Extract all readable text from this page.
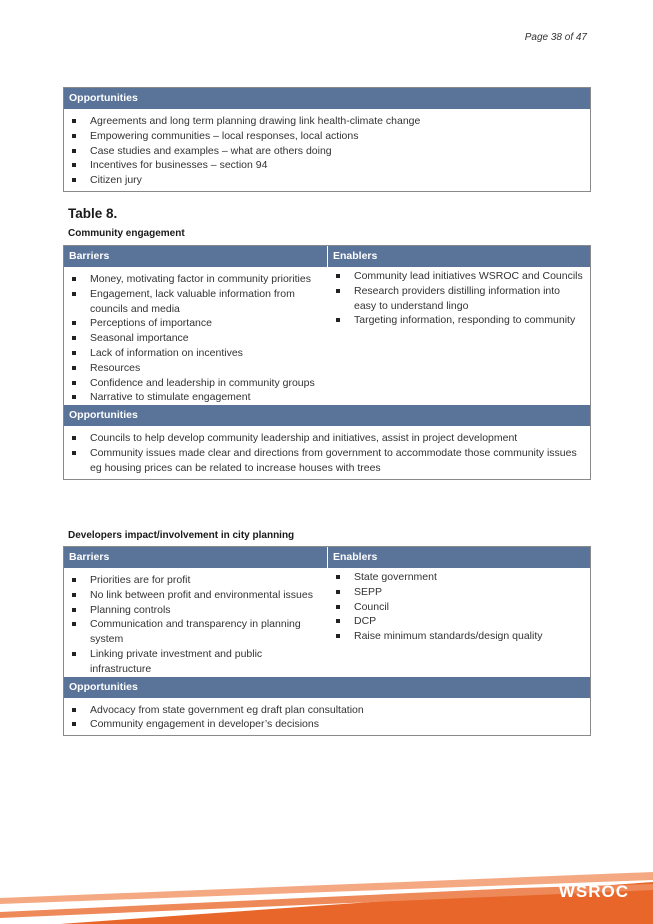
Page 38 of 47
Opportunities
Agreements and long term planning drawing link health-climate change
Empowering communities – local responses, local actions
Case studies and examples – what are others doing
Incentives for businesses – section 94
Citizen jury
Table 8.
Community engagement
Barriers	Enablers
Money, motivating factor in community priorities
Engagement, lack valuable information from councils and media
Perceptions of importance
Seasonal importance
Lack of information on incentives
Resources
Confidence and leadership in community groups
Narrative to stimulate engagement
Community lead initiatives WSROC and Councils
Research providers distilling information into easy to understand lingo
Targeting information, responding to community
Opportunities
Councils to help develop community leadership and initiatives, assist in project development
Community issues made clear and directions from government to accommodate those community issues eg housing prices can be related to increase houses with trees
Developers impact/involvement in city planning
Barriers	Enablers
Priorities are for profit
No link between profit and environmental issues
Planning controls
Communication and transparency in planning system
Linking private investment and public infrastructure
State government
SEPP
Council
DCP
Raise minimum standards/design quality
Opportunities
Advocacy from state government eg draft plan consultation
Community engagement in developer’s decisions
WSROC
